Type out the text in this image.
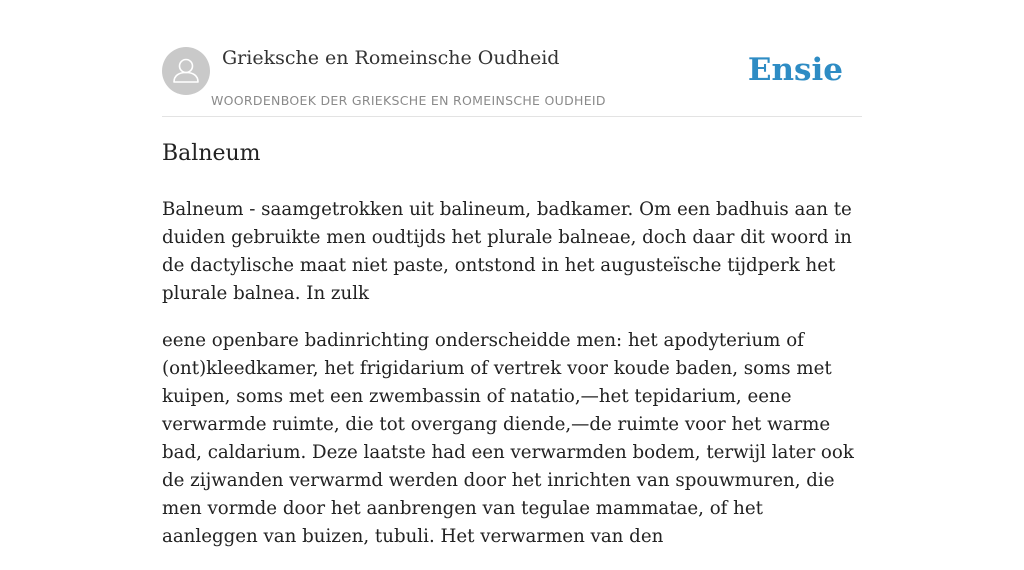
Grieksche en Romeinsche Oudheid
WOORDENBOEK DER GRIEKSCHE EN ROMEINSCHE OUDHEID
Ensie
Balneum

Balneum - saamgetrokken uit balineum, badkamer. Om een badhuis aan te duiden gebruikte men oudtijds het plurale balneae, doch daar dit woord in de dactylische maat niet paste, ontstond in het augusteïsche tijdperk het plurale balnea. In zulk

eene openbare badinrichting onderscheidde men: het apodyterium of (ont)kleedkamer, het frigidarium of vertrek voor koude baden, soms met kuipen, soms met een zwembassin of natatio,—het tepidarium, eene verwarmde ruimte, die tot overgang diende,—de ruimte voor het warme bad, caldarium. Deze laatste had een verwarmden bodem, terwijl later ook de zijwanden verwarmd werden door het inrichten van spouwmuren, die men vormde door het aanbrengen van tegulae mammatae, of het aanleggen van buizen, tubuli. Het verwarmen van den
